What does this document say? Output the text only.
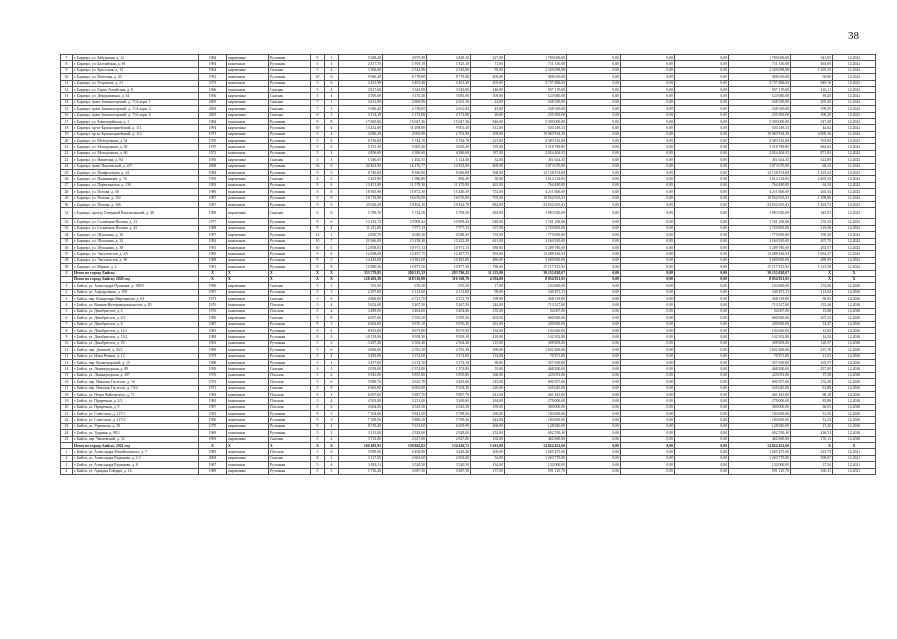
38
7	г. Барнаул, ул. Бабуркина, д. 12	1984	кирпичные	Рулонная	9	1	5 948,40	4 975,90	4 828,10	227,00	1 700 000,00	0,00	0,00	0,00	1 700 000,00	341,65	12.2022
8	г. Барнаул, ул. Балтийская, д. 69	1994	панельные	Рулонная	5	3	2 417,70	1 959,19	1 825,10	71,00	711 150,00	0,00	0,00	0,00	711 150,00	363,00	12.2022
9	г. Барнаул, ул. Брестская, д. 13	1964	кирпичные	Скатная	5	4	3 306,40	2 543,96	2 543,96	95,00	3 320 698,68	0,00	0,00	0,00	3 320 698,68	1 305,33	12.2022
10	г. Барнаул, ул. Взлетная, д. 43	1991	панельные	Рулонная	10	6	9 946,20	8 778,80	8 778,80	409,00	498 610,00	0,00	0,00	0,00	498 610,00	56,80	12.2022
11	г. Барнаул, ул. Георгиева, д. 21	1973	панельные	Рулонная	5	6	4 423,90	4 401,40	4 401,40	205,00	3 737 486,02	0,00	0,00	0,00	3 737 486,02	849,16	12.2022
12	г. Барнаул, ул. Горно-Алтайская, д. 8	1966	панельные	Скатная	5	4	3 817,60	3 543,90	3 543,90	146,00	507 170,00	0,00	0,00	0,00	507 170,00	143,11	12.2022
13	г. Барнаул, ул. Декоративная, д. 34	1956	кирпичные	Скатная	5	4	4 595,60	3 155,40	3 081,00	109,00	123 680,00	0,00	0,00	0,00	123 680,00	39,20	12.2022
14	г. Барнаул, тракт Змеиногорский, д. 71А корп. 1	2005	кирпичные	Скатная	7	1	3 631,00	2 669,06	2 651,16	24,00	548 350,00	0,00	0,00	0,00	548 350,00	205,45	12.2022
15	г. Барнаул, тракт Змеиногорский, д. 71А корп. 2	2005	кирпичные	Скатная	7	1	3 580,20	2 750,65	2 631,83	45,00	548 350,00	0,00	0,00	0,00	548 350,00	199,35	12.2022
16	г. Барнаул, тракт Змеиногорский, д. 71А корп. 6	2005	кирпичные	Скатная	6	1	3 114,10	2 172,80	2 172,80	26,00	235 300,00	0,00	0,00	0,00	235 300,00	108,29	12.2022
17	г. Барнаул, ул. Кавалерийская, д. 1	1984	панельные	Рулонная	9	8	17 683,06	15 047,36	15 047,36	846,00	5 300 000,00	0,00	0,00	0,00	5 300 000,00	347,49	12.2022
18	г. Барнаул, пр-кт Красноармейский, д. 111	1994	кирпичные	Рулонная	10	4	13 232,80	11 298,80	9 001,40	312,00	504 149,23	0,00	0,00	0,00	504 149,23	44,62	12.2022
19	г. Барнаул, пр-кт Красноармейский, д. 112	1973	кирпичные	Рулонная	5	4	4 080,20	4 065,90	2 703,90	109,00	19 960 954,30	0,00	0,00	0,00	19 960 954,30	4 909,36	12.2022
20	г. Барнаул, ул. Молодежная, д. 54	1970	кирпичные	Рулонная	5	8	8 156,00	5 744,70	5 744,70	223,00	4 383 532,80	0,00	0,00	0,00	4 383 532,80	763,06	12.2022
21	г. Барнаул, ул. Молодежная, д. 56	1970	панельные	Рулонная	5	6	5 151,30	5 005,40	4 005,40	195,00	3 316 780,80	0,00	0,00	0,00	3 316 780,80	662,64	12.2022
22	г. Барнаул, ул. Молодежная, д. 60	1972	панельные	Рулонная	5	4	4 806,60	4 386,60	4 386,60	187,00	3 824 404,92	0,00	0,00	0,00	3 824 404,92	871,84	12.2022
23	г. Барнаул, ул. Никитина, д. 84	1956	кирпичные	Скатная	3	3	1 546,65	1 402,55	1 124,40	32,00	451 624,35	0,00	0,00	0,00	451 624,35	322,00	12.2022
24	г. Барнаул, тракт Павловский, д. 227	2008	кирпичные	Рулонная	16	6	20 463,90	16 176,77	14 953,00	409,00	1 073 070,00	0,00	0,00	0,00	1 073 070,00	66,33	12.2022
25	г. Барнаул, ул. Панфиловцев, д. 24	1984	панельные	Рулонная	9	5	8 746,00	8 366,90	8 366,90	368,00	12 158 513,00	0,00	0,00	0,00	12 158 513,00	1 419,24	12.2022
26	г. Барнаул, ул. Папанинцев, д. 76	1939	кирпичные	Скатная	4	2	3 205,80	1 086,80	860,20	30,00	2 614 123,85	0,00	0,00	0,00	2 614 123,85	2 405,34	12.2022
27	г. Барнаул, ул. Партизанская, д. 130	1992	панельные	Рулонная	9	6	13 451,80	11 578,30	11 470,90	462,00	764 490,00	0,00	0,00	0,00	764 490,00	64,30	12.2022
28	г. Барнаул, ул. Попова, д. 56	1980	панельные	Рулонная	9	8	18 565,90	15 872,30	15 449,50	752,00	4 211 600,00	0,00	0,00	0,00	4 211 600,00	265,34	12.2022
29	г. Барнаул, ул. Попова, д. 102	1987	панельные	Рулонная	9	9	16 719,90	16 676,00	16 676,00	705,00	19 932 655,41	0,00	0,00	0,00	19 932 655,41	1 198,86	12.2022
30	г. Барнаул, ул. Попова, д. 106	1987	панельные	Рулонная	9	9	25 626,50	19 492,10	19 442,70	882,00	24 632 655,41	0,00	0,00	0,00	24 632 655,41	1 263,73	12.2022
31	г. Барнаул, проезд Северный Власихинский, д. 40	1999	кирпичные	Скатная	6	6	5 789,70	5 734,50	5 709,50	263,00	1 983 020,00	0,00	0,00	0,00	1 983 020,00	345,81	12.2022
32	г. Барнаул, ул. Солнечная Поляна, д. 13	1977	панельные	Рулонная	9	6	13 182,72	10 909,42	10 909,42	548,00	1 761 160,00	0,00	0,00	0,00	1 761 160,00	155,34	12.2022
33	г. Барнаул, ул. Солнечная Поляна, д. 43	1988	панельные	Рулонная	9	4	11 211,00	7 977,13	7 977,13	357,00	1 750 865,00	0,00	0,00	0,00	1 750 865,00	219,48	12.2022
34	г. Барнаул, ул. Шукшина, д. 16	1997	кирпичные	Рулонная	12	1	4 830,70	4 048,30	4 048,30	155,00	770 000,00	0,00	0,00	0,00	770 000,00	190,20	12.2022
35	г. Барнаул, ул. Шукшина, д. 32	1992	панельные	Рулонная	10	7	21 946,00	15 238,20	15 222,20	621,00	3 164 920,00	0,00	0,00	0,00	3 164 920,00	207,70	12.2022
36	г. Барнаул, ул. Шукшина, д. 38	1991	панельные	Рулонная	10	5	12 858,83	10 971,13	10 971,13	580,00	3 209 780,00	0,00	0,00	0,00	3 209 780,00	292,57	12.2022
37	г. Барнаул, ул. Энтузиастов, д. 3А	1985	панельные	Рулонная	9	6	12 498,00	12 497,75	12 497,75	594,00	13 288 436,94	0,00	0,00	0,00	13 288 436,94	1 063,27	12.2022
38	г. Барнаул, ул. Энтузиастов, д. 38	1988	панельные	Рулонная	9	5	14 443,00	10 381,00	10 381,00	486,00	3 000 000,00	0,00	0,00	0,00	3 000 000,00	288,99	12.2022
39	г. Барнаул, ул. Юрина, д. 2	1981	панельные	Рулонная	9	8	15 880,30	15 877,50	15 877,50	796,00	17 717 915,92	0,00	0,00	0,00	17 717 915,92	1 115,58	12.2022
3	Итого по городу Бийску	X	X	X	X	X	333 779,85	290 315,32	283 706,22	11 125,00	39 155 020,67	0,00	0,00	0,00	39 155 020,67	X	X
	Итого по городу Бийску 2020 год	X	X	X	X	X	128 492,20	118 516,80	116 368,70	4 594,00	8 954 921,01	0,00	0,00	0,00	8 954 921,01	X	X
1	г. Бийск, ул. Александра Пушкина, д. 188/5	1996	кирпичные	Скатная	5	1	761,00	676,50	676,50	17,00	104 900,00	0,00	0,00	0,00	104 900,00	155,06	12.2020
2	г. Бийск, ул. Аэродромная, д. 100	1997	панельные	Рулонная	5	3	2 297,60	2 112,60	2 112,60	98,00	240 871,11	0,00	0,00	0,00	240 871,11	114,02	12.2020
3	г. Бийск, пер. Владимира Мартьянова, д. 63	1973	панельные	Скатная	5	6	4 806,00	4 721,70	4 721,70	199,00	268 319,00	0,00	0,00	0,00	268 319,00	56,83	12.2020
4	г. Бийск, ул. Воинов-Интернационалистов, д. 85	1976	панельные	Плоская	5	4	5 652,00	5 267,50	5 267,50	244,00	713 527,00	0,00	0,00	0,00	713 527,00	135,46	12.2020
5	г. Бийск, ул. Декабристов, д. 4	1976	панельные	Плоская	5	4	3 489,00	3 404,60	3 404,60	155,00	54 067,00	0,00	0,00	0,00	54 067,00	15,88	12.2020
6	г. Бийск, ул. Декабристов, д. 4/1	1980	кирпичные	Скатная	5	8	6 837,00	5 595,50	5 595,50	203,00	600 000,00	0,00	0,00	0,00	600 000,00	107,23	12.2020
7	г. Бийск, ул. Декабристов, д. 8	1987	панельные	Рулонная	9	3	6 062,00	5 976,10	5 976,10	261,00	200 000,00	0,00	0,00	0,00	200 000,00	33,47	12.2020
8	г. Бийск, ул. Декабристов, д. 12/1	1981	панельные	Рулонная	9	4	8 853,00	8 673,90	8 673,90	194,00	104 260,00	0,00	0,00	0,00	104 260,00	12,02	12.2020
9	г. Бийск, ул. Декабристов, д. 13/2	1988	панельные	Рулонная	9	5	10 159,00	9 959,30	9 959,30	410,00	142 952,80	0,00	0,00	0,00	142 952,80	14,35	12.2020
10	г. Бийск, ул. Декабристов, д. 19	1963	панельные	Рулонная	5	3	3 287,40	2 564,40	2 564,40	115,00	308 883,00	0,00	0,00	0,00	308 883,00	120,57	12.2020
11	г. Бийск, пер. Донской, д. 35/2	1969	панельные	Рулонная	5	6	4 866,00	4 781,30	4 781,30	190,00	1 031 600,00	0,00	0,00	0,00	1 031 600,00	215,76	12.2020
12	г. Бийск, ул. Ильи Репина, д. 12	1979	панельные	Рулонная	5	4	3 459,00	3 374,00	3 374,00	133,00	70 971,00	0,00	0,00	0,00	70 971,00	21,03	12.2020
13	г. Бийск, пер. Коммунарский, д. 15	1968	панельные	Рулонная	5	4	3 457,00	3 372,10	3 372,10	96,00	557 650,00	0,00	0,00	0,00	557 650,00	165,37	12.2020
14	г. Бийск, ул. Ленинградская, д. 89	1959	панельные	Скатная	3	3	2 059,00	1 974,80	1 974,80	55,00	468 200,00	0,00	0,00	0,00	468 200,00	237,09	12.2020
15	г. Бийск, ул. Ленинградская, д. 107	1976	панельные	Плоская	5	6	5 941,00	5 855,80	5 855,80	160,00	220 053,00	0,00	0,00	0,00	220 053,00	37,58	12.2020
16	г. Бийск, пер. Николая Гастелло, д. 16	1973	панельные	Плоская	5	6	5 896,70	4 525,70	4 495,00	145,00	690 397,00	0,00	0,00	0,00	690 397,00	152,48	12.2020
17	г. Бийск, пер. Николая Гастелло, д. 74/2	1971	панельные	Скатная	5	8	6 665,90	6 605,00	5 554,10	220,00	545 645,00	0,00	0,00	0,00	545 645,00	81,86	12.2020
18	г. Бийск, ул. Петра Чайковского, д. 71	1992	панельные	Плоская	9	3	6 007,00	5 887,70	5 887,70	241,00	401 445,00	0,00	0,00	0,00	401 445,00	68,18	12.2020
19	г. Бийск, ул. Приречная, д. 2/2	1983	панельные	Плоская	5	4	4 593,80	3 251,00	3 269,60	164,00	279 000,00	0,00	0,00	0,00	279 000,00	85,86	12.2020
20	г. Бийск, ул. Приречная, д. 9	1987	панельные	Плоская	5	6	4 664,00	4 543,50	4 543,50	199,00	300 000,00	0,00	0,00	0,00	300 000,00	66,03	12.2020
21	г. Бийск, ул. Советская, д. 217/1	1991	панельные	Рулонная	9	3	7 104,00	5 841,50	5 788,50	250,00	184 000,00	0,00	0,00	0,00	184 000,00	31,50	12.2020
22	г. Бийск, ул. Советская, д. 217/2	1990	панельные	Рулонная	9	3	7 169,50	5 886,50	5 769,20	244,00	184 000,00	0,00	0,00	0,00	184 000,00	31,25	12.2020
23	г. Бийск, ул. Угрюмова, д. 29	1979	кирпичные	Рулонная	9	4	8 570,40	7 615,60	6 659,90	266,00	128 940,00	0,00	0,00	0,00	128 940,00	17,45	12.2020
24	г. Бийск, ул. Ударная, д. 88/1	1969	панельные	Рулонная	5	3	3 113,00	2 928,00	2 928,00	252,00	692 550,10	0,00	0,00	0,00	692 550,10	236,53	12.2020
25	г. Бийск, пер. Чапаевский, д. 52	1993	кирпичные	Скатная	5	4	3 712,00	2 627,00	2 627,00	102,00	462 690,00	0,00	0,00	0,00	462 690,00	176,13	12.2020
	Итого по городу Бийску 2021 год	X	X	X	X	X	166 483,95	150 862,82	134 436,72	5 261,00	14 824 452,60	0,00	0,00	0,00	14 824 452,60	X	X
1	г. Бийск, ул. Александра Михайловского, д. 7	1985	панельные	Плоская	5	6	5 099,00	4 494,90	4 426,20	200,00	1 005 475,00	0,00	0,00	0,00	1 005 475,00	223,75	12.2021
2	г. Бийск, ул. Александра Радищева, д. 1/2	2004	кирпичные	Скатная	8	1	3 127,00	2 602,60	2 602,60	54,00	1 263 770,00	0,00	0,00	0,00	1 263 770,00	500,67	12.2021
3	г. Бийск, ул. Александра Радищева, д. 8	1967	панельные	Рулонная	5	4	3 818,11	3 520,50	3 520,50	134,00	132 000,00	0,00	0,00	0,00	132 000,00	37,50	12.2021
4	г. Бийск, ул. Аркадия Гайдара, д. 14	1989	кирпичные	Рулонная	5	5	5 756,40	3 687,50	3 687,50	157,00	591 129,70	0,00	0,00	0,00	591 129,70	160,31	12.2021
